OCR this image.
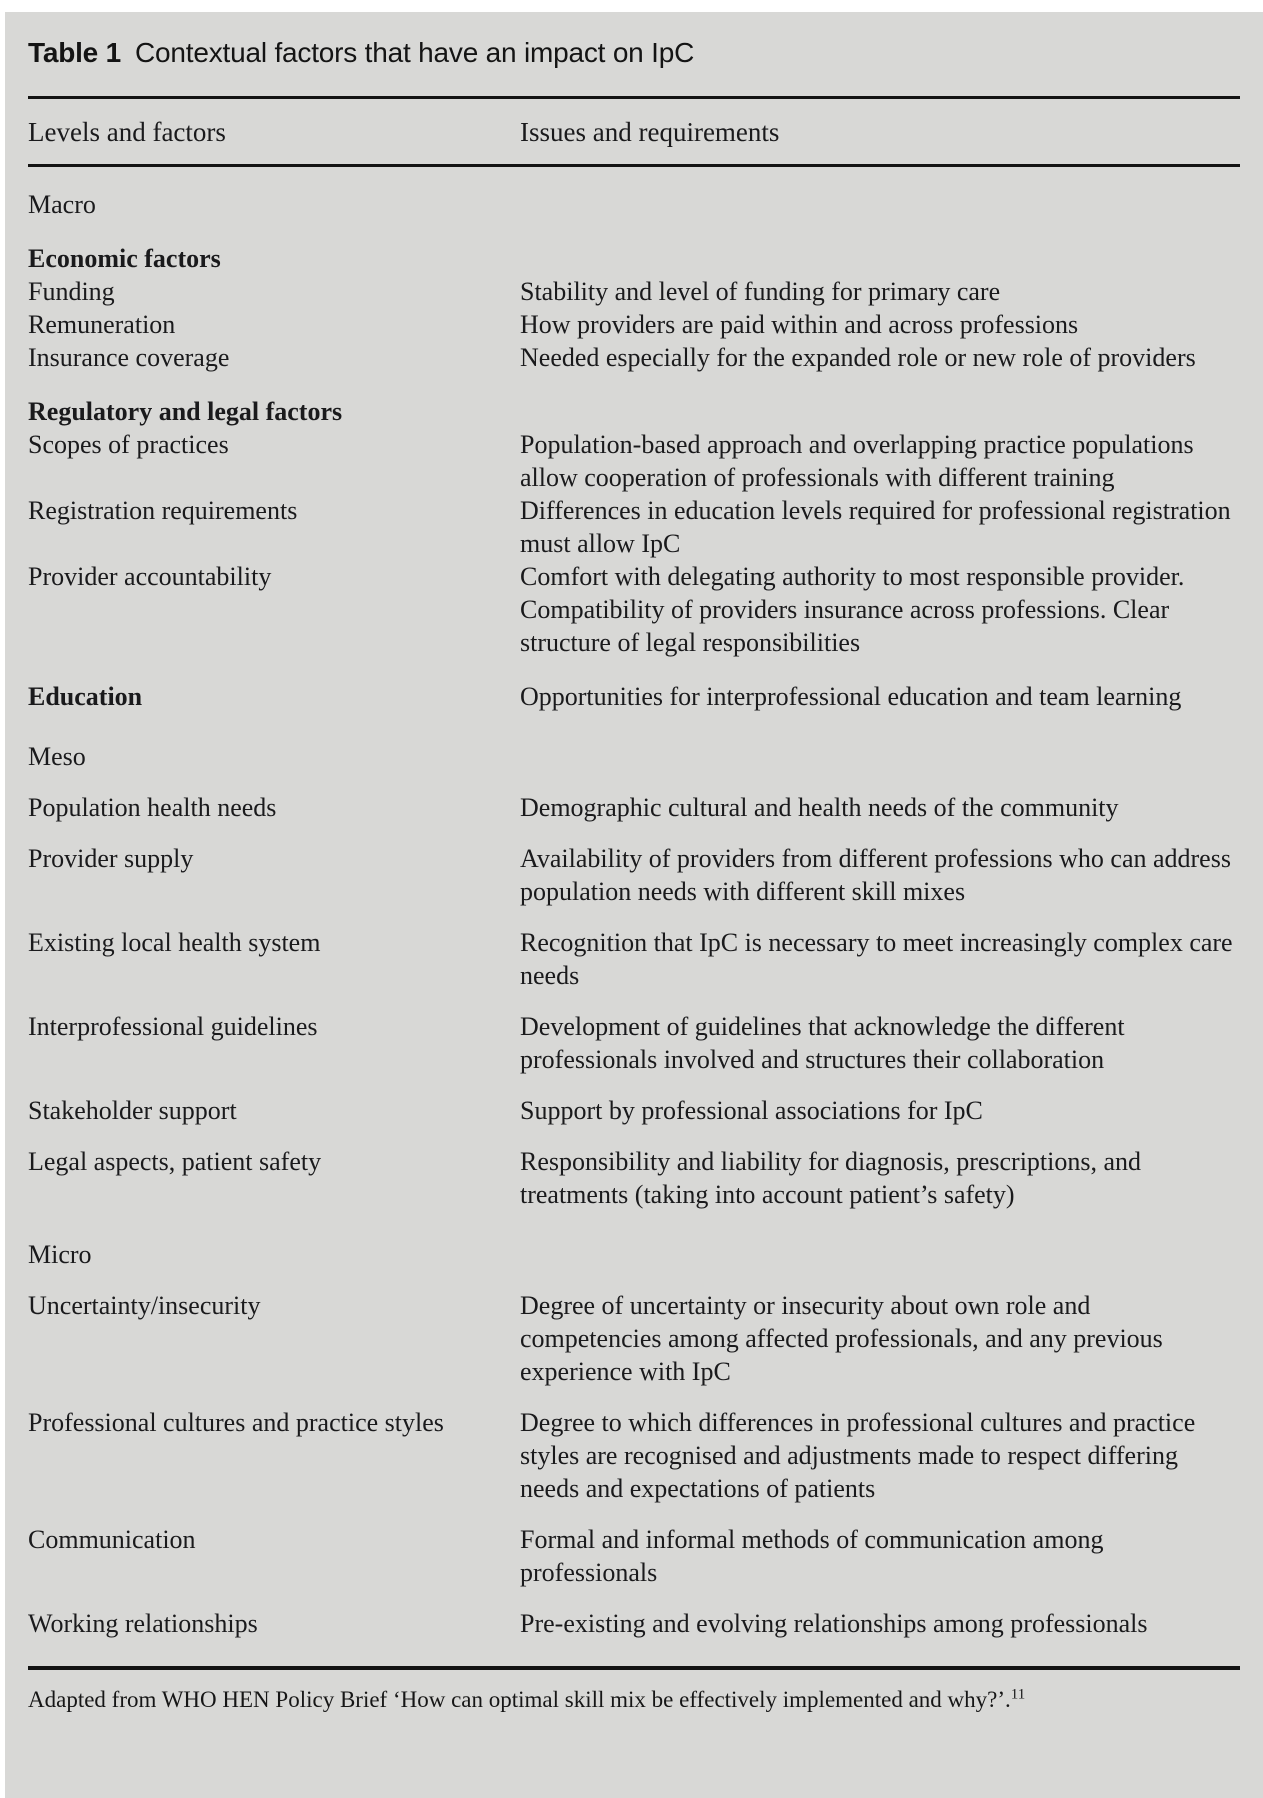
Table 1 Contextual factors that have an impact on IpC
Levels and factors	Issues and requirements
Macro
Economic factors
Funding	Stability and level of funding for primary care
Remuneration	How providers are paid within and across professions
Insurance coverage	Needed especially for the expanded role or new role of providers
Regulatory and legal factors
Scopes of practices	Population-based approach and overlapping practice populations allow cooperation of professionals with different training
Registration requirements	Differences in education levels required for professional registration must allow IpC
Provider accountability	Comfort with delegating authority to most responsible provider. Compatibility of providers insurance across professions. Clear structure of legal responsibilities
Education	Opportunities for interprofessional education and team learning
Meso
Population health needs	Demographic cultural and health needs of the community
Provider supply	Availability of providers from different professions who can address population needs with different skill mixes
Existing local health system	Recognition that IpC is necessary to meet increasingly complex care needs
Interprofessional guidelines	Development of guidelines that acknowledge the different professionals involved and structures their collaboration
Stakeholder support	Support by professional associations for IpC
Legal aspects, patient safety	Responsibility and liability for diagnosis, prescriptions, and treatments (taking into account patient’s safety)
Micro
Uncertainty/insecurity	Degree of uncertainty or insecurity about own role and competencies among affected professionals, and any previous experience with IpC
Professional cultures and practice styles	Degree to which differences in professional cultures and practice styles are recognised and adjustments made to respect differing needs and expectations of patients
Communication	Formal and informal methods of communication among professionals
Working relationships	Pre-existing and evolving relationships among professionals
Adapted from WHO HEN Policy Brief ‘How can optimal skill mix be effectively implemented and why?’.$^{11}$
